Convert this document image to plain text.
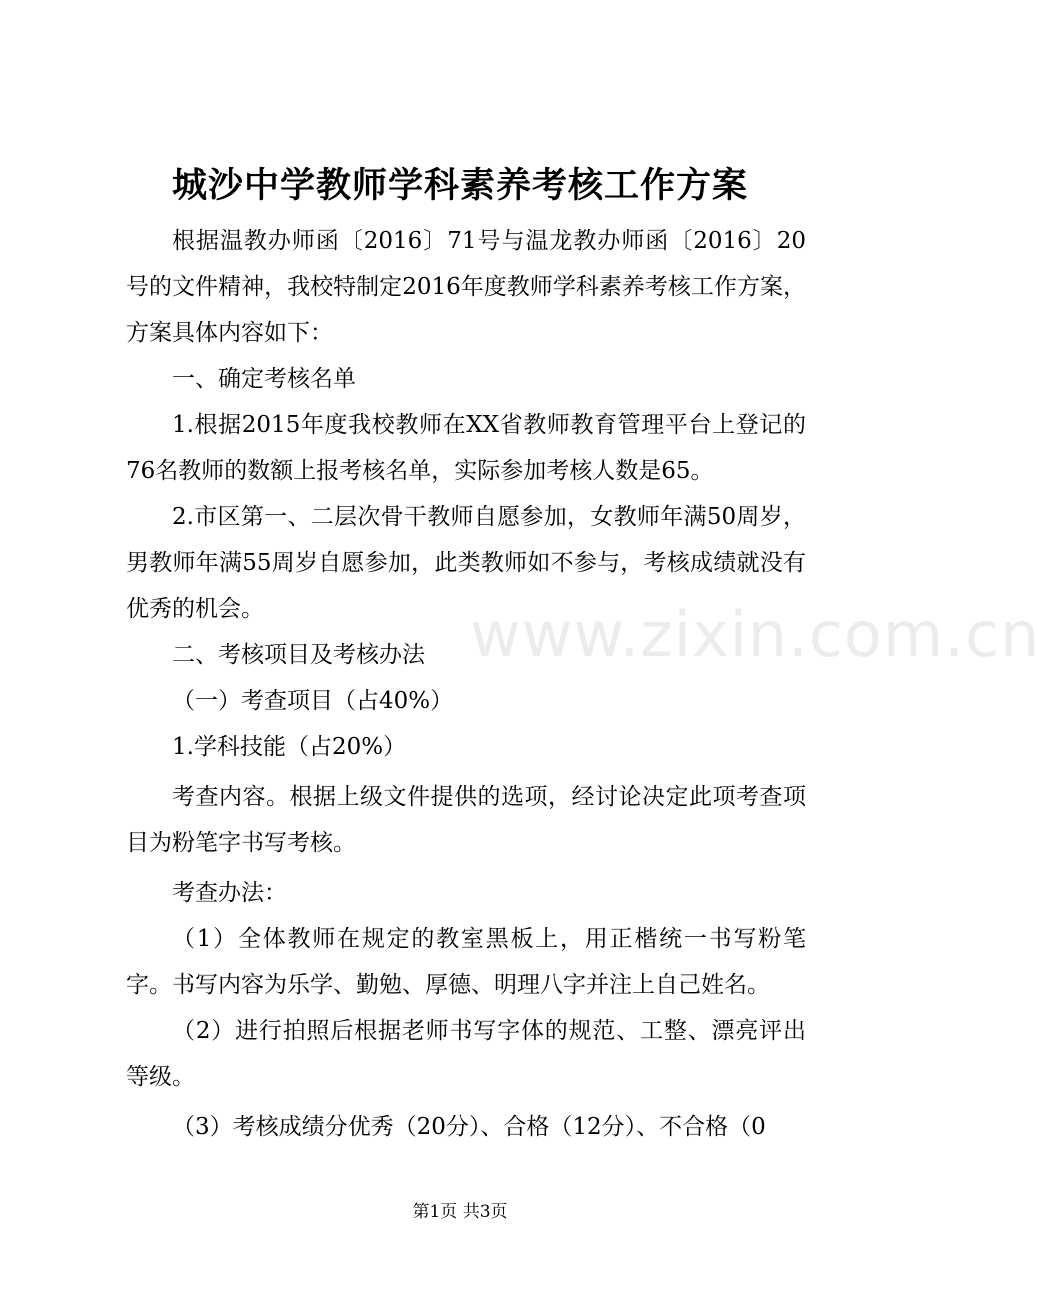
城沙中学教师学科素养考核工作方案

根据温教办师函〔2016〕71号与温龙教办师函〔2016〕20号的文件精神，我校特制定2016年度教师学科素养考核工作方案，方案具体内容如下：

一、确定考核名单

1.根据2015年度我校教师在XX省教师教育管理平台上登记的76名教师的数额上报考核名单，实际参加考核人数是65。

2.市区第一、二层次骨干教师自愿参加，女教师年满50周岁，男教师年满55周岁自愿参加，此类教师如不参与，考核成绩就没有优秀的机会。

二、考核项目及考核办法

（一）考查项目（占40%）

1.学科技能（占20%）

考查内容。根据上级文件提供的选项，经讨论决定此项考查项目为粉笔字书写考核。

考查办法：

（1）全体教师在规定的教室黑板上，用正楷统一书写粉笔字。书写内容为乐学、勤勉、厚德、明理八字并注上自己姓名。

（2）进行拍照后根据老师书写字体的规范、工整、漂亮评出等级。

（3）考核成绩分优秀（20分）、合格（12分）、不合格（0

www.zixin.com.cn
第1页 共3页
